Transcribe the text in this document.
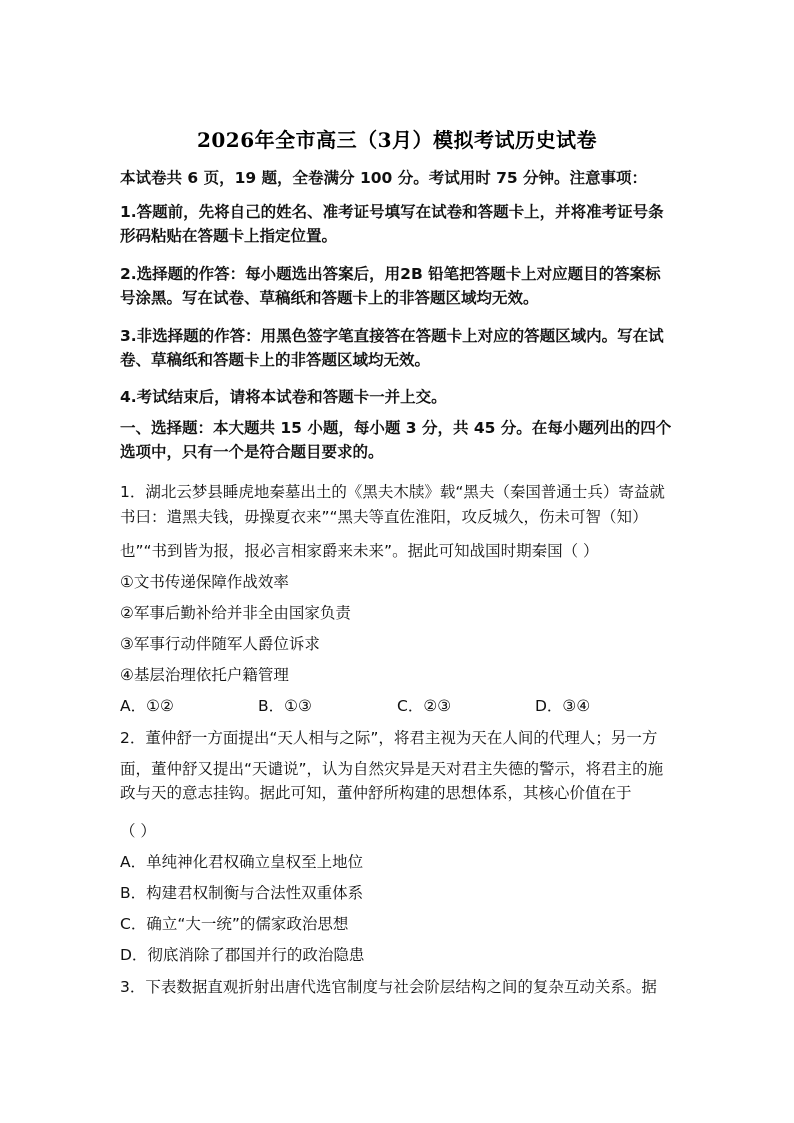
2026年全市高三（3月）模拟考试历史试卷
本试卷共 6 页，19 题，全卷满分 100 分。考试用时 75 分钟。注意事项：
1.答题前，先将自己的姓名、准考证号填写在试卷和答题卡上，并将准考证号条
形码粘贴在答题卡上指定位置。
2.选择题的作答：每小题选出答案后，用2B 铅笔把答题卡上对应题目的答案标
号涂黑。写在试卷、草稿纸和答题卡上的非答题区域均无效。
3.非选择题的作答：用黑色签字笔直接答在答题卡上对应的答题区域内。写在试
卷、草稿纸和答题卡上的非答题区域均无效。
4.考试结束后，请将本试卷和答题卡一并上交。
一、选择题：本大题共 15 小题，每小题 3 分，共 45 分。在每小题列出的四个
选项中，只有一个是符合题目要求的。
1．湖北云梦县睡虎地秦墓出土的《黑夫木牍》载“黑夫（秦国普通士兵）寄益就
书曰：遣黑夫钱，毋操夏衣来”“黑夫等直佐淮阳，攻反城久，伤未可智（知）
也”“书到皆为报，报必言相家爵来未来”。据此可知战国时期秦国（ ）
①文书传递保障作战效率
②军事后勤补给并非全由国家负责
③军事行动伴随军人爵位诉求
④基层治理依托户籍管理
A．①②	B．①③	C．②③	D．③④
2．董仲舒一方面提出“天人相与之际”，将君主视为天在人间的代理人；另一方
面，董仲舒又提出“天谴说”，认为自然灾异是天对君主失德的警示，将君主的施
政与天的意志挂钩。据此可知，董仲舒所构建的思想体系，其核心价值在于
（ ）
A．单纯神化君权确立皇权至上地位
B．构建君权制衡与合法性双重体系
C．确立“大一统”的儒家政治思想
D．彻底消除了郡国并行的政治隐患
3．下表数据直观折射出唐代选官制度与社会阶层结构之间的复杂互动关系。据
